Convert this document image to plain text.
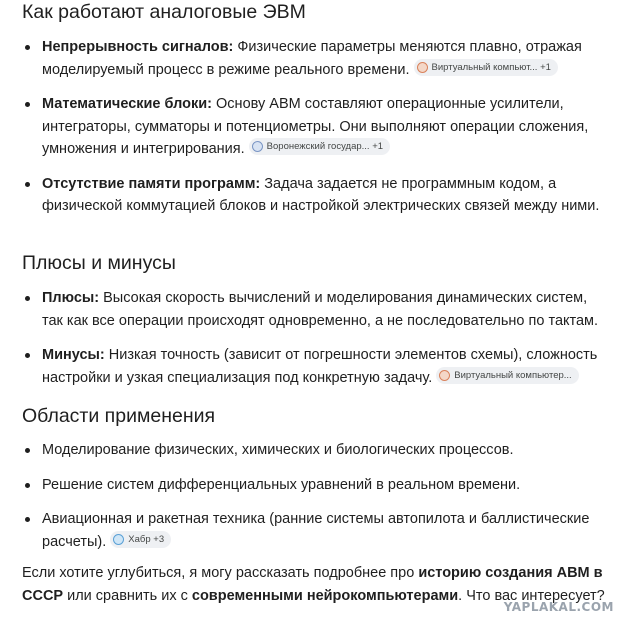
Как работают аналоговые ЭВМ
Непрерывность сигналов: Физические параметры меняются плавно, отражая моделируемый процесс в режиме реального времени. Виртуальный компьют... +1
Математические блоки: Основу АВМ составляют операционные усилители, интеграторы, сумматоры и потенциометры. Они выполняют операции сложения, умножения и интегрирования. Воронежский государ... +1
Отсутствие памяти программ: Задача задается не программным кодом, а физической коммутацией блоков и настройкой электрических связей между ними.
Плюсы и минусы
Плюсы: Высокая скорость вычислений и моделирования динамических систем, так как все операции происходят одновременно, а не последовательно по тактам.
Минусы: Низкая точность (зависит от погрешности элементов схемы), сложность настройки и узкая специализация под конкретную задачу. Виртуальный компьютер...
Области применения
Моделирование физических, химических и биологических процессов.
Решение систем дифференциальных уравнений в реальном времени.
Авиационная и ракетная техника (ранние системы автопилота и баллистические расчеты). Хабр +3

Если хотите углубиться, я могу рассказать подробнее про историю создания АВМ в СССР или сравнить их с современными нейрокомпьютерами. Что вас интересует?

YAPLAKAL.COM
